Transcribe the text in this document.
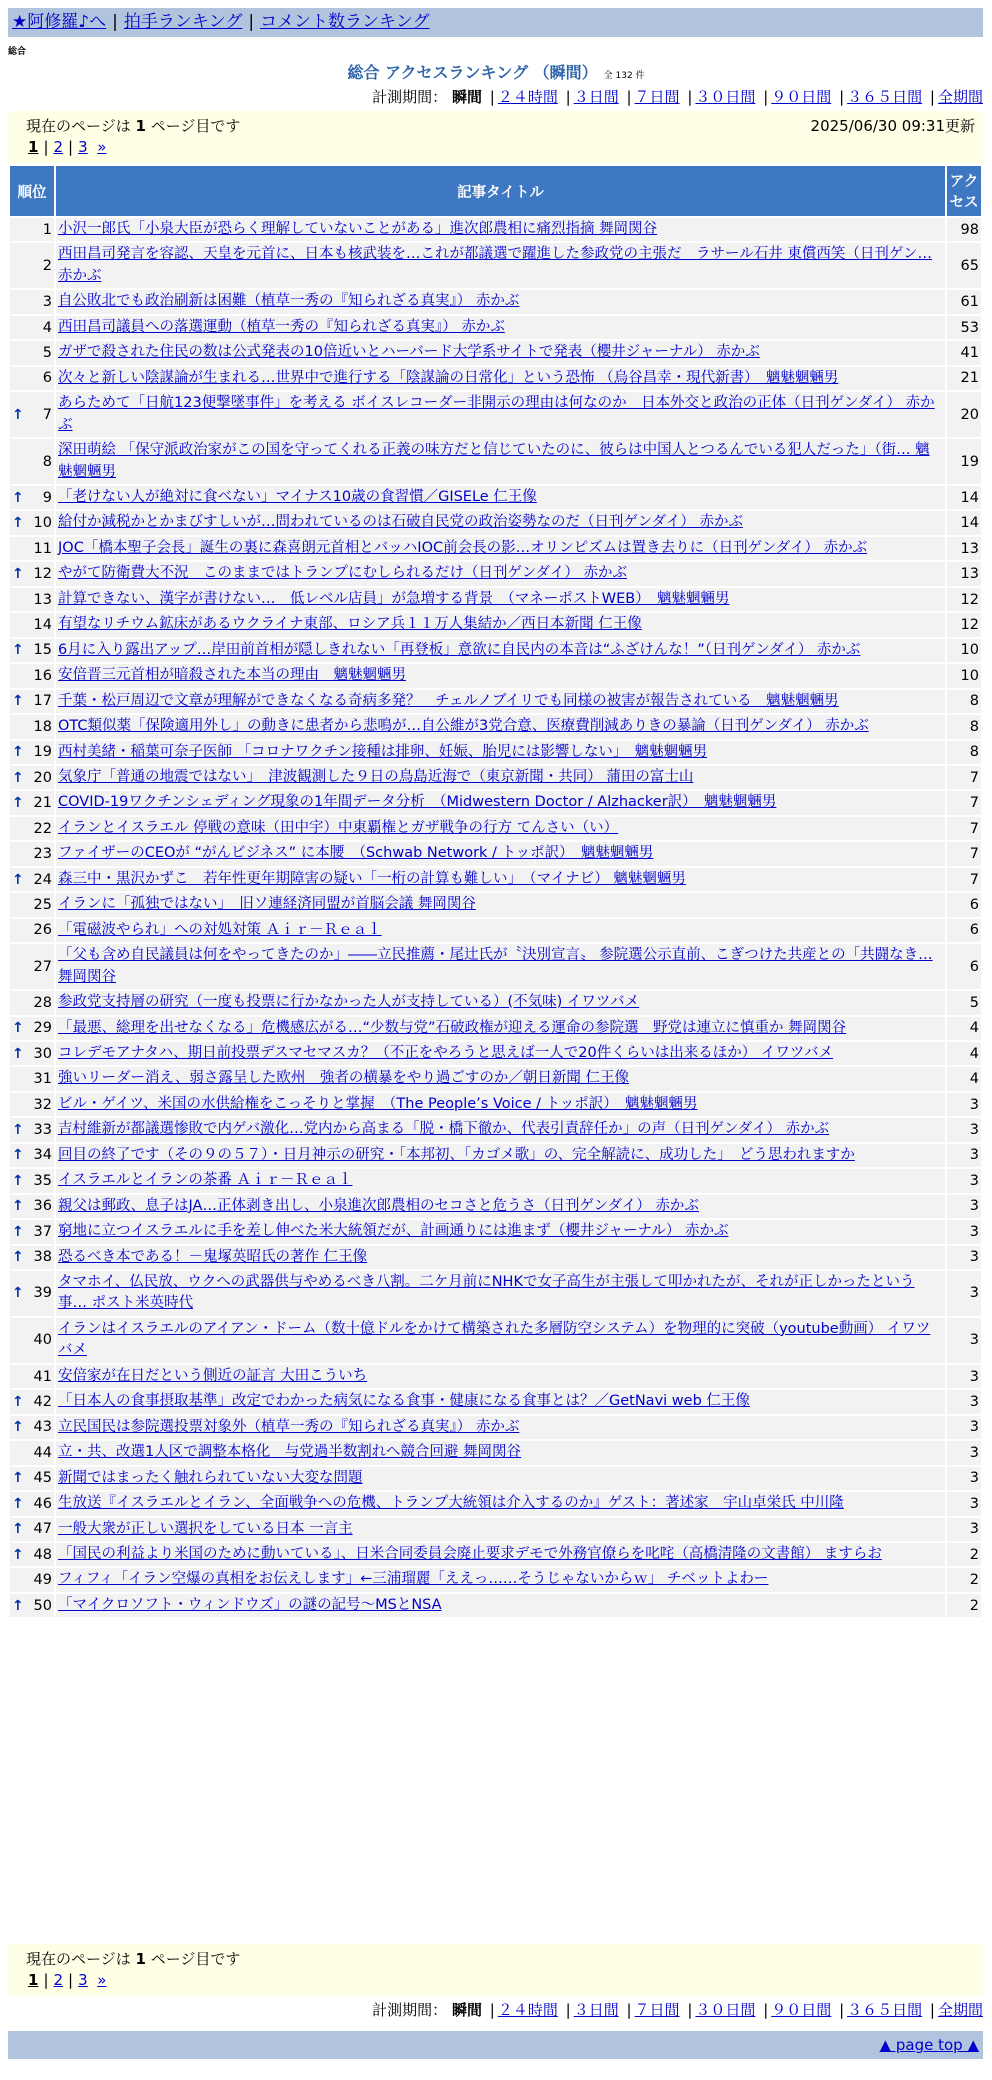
★阿修羅♪へ | 拍手ランキング | コメント数ランキング
総合
総合 アクセスランキング （瞬間） 全 132 件
計測期間： 瞬間 | ２４時間 | ３日間 | ７日間 | ３０日間 | ９０日間 | ３６５日間 | 全期間
現在のページは 1 ページ目です	2025/06/30 09:31更新
1 | 2 | 3 »
順位	記事タイトル	アクセス
1	小沢一郎氏「小泉大臣が恐らく理解していないことがある」進次郎農相に痛烈指摘 舞岡関谷	98
2	西田昌司発言を容認、天皇を元首に、日本も核武装を…これが都議選で躍進した参政党の主張だ　ラサール石井 東償西笑（日刊ゲン… 赤かぶ	65
3	自公敗北でも政治刷新は困難（植草一秀の『知られざる真実』） 赤かぶ	61
4	西田昌司議員への落選運動（植草一秀の『知られざる真実』） 赤かぶ	53
5	ガザで殺された住民の数は公式発表の10倍近いとハーバード大学系サイトで発表（櫻井ジャーナル） 赤かぶ	41
6	次々と新しい陰謀論が生まれる…世界中で進行する「陰謀論の日常化」という恐怖 （烏谷昌幸・現代新書）　魑魅魍魎男	21

↑ 7	あらためて「日航123便撃墜事件」を考える ボイスレコーダー非開示の理由は何なのか　日本外交と政治の正体（日刊ゲンダイ） 赤かぶ	20
8	深田萌絵 「保守派政治家がこの国を守ってくれる正義の味方だと信じていたのに、彼らは中国人とつるんでいる犯人だった」（街… 魑魅魍魎男	19

↑ 9	「老けない人が絶対に食べない」マイナス10歳の食習慣／GISELe 仁王像	14

↑ 10	給付か減税かとかまびすしいが…問われているのは石破自民党の政治姿勢なのだ（日刊ゲンダイ） 赤かぶ	14
11	JOC「橋本聖子会長」誕生の裏に森喜朗元首相とバッハIOC前会長の影…オリンピズムは置き去りに（日刊ゲンダイ） 赤かぶ	13

↑ 12	やがて防衛費大不況　このままではトランプにむしられるだけ（日刊ゲンダイ） 赤かぶ	13
13	計算できない、漢字が書けない…　低レベル店員」が急増する背景　（マネーポストWEB）　魑魅魍魎男	12
14	有望なリチウム鉱床があるウクライナ東部、ロシア兵１１万人集結か／西日本新聞 仁王像	12

↑ 15	6月に入り露出アップ…岸田前首相が隠しきれない「再登板」意欲に自民内の本音は“ふざけんな！”（日刊ゲンダイ） 赤かぶ	10
16	安倍晋三元首相が暗殺された本当の理由　魑魅魍魎男	10

↑ 17	千葉・松戸周辺で文章が理解ができなくなる奇病多発？　チェルノブイリでも同様の被害が報告されている　魑魅魍魎男	8
18	OTC類似薬「保険適用外し」の動きに患者から悲鳴が…自公維が3党合意、医療費削減ありきの暴論（日刊ゲンダイ） 赤かぶ	8

↑ 19	西村美緒・稲葉可奈子医師 「コロナワクチン接種は排卵、妊娠、胎児には影響しない」　魑魅魍魎男	8

↑ 20	気象庁「普通の地震ではない」　津波観測した９日の鳥島近海で（東京新聞・共同） 蒲田の富士山	7

↑ 21	COVID-19ワクチンシェディング現象の1年間データ分析　（Midwestern Doctor / Alzhacker訳）　魑魅魍魎男	7
22	イランとイスラエル 停戦の意味（田中宇）中東覇権とガザ戦争の行方 てんさい（い）	7
23	ファイザーのCEOが “がんビジネス” に本腰　（Schwab Network / トッポ訳）　魑魅魍魎男	7

↑ 24	森三中・黒沢かずこ　若年性更年期障害の疑い「一桁の計算も難しい」　（マイナビ） 魑魅魍魎男	7
25	イランに「孤独ではない」　旧ソ連経済同盟が首脳会議 舞岡関谷	6
26	「電磁波やられ」への対処対策 Ａｉｒ－Ｒｅａｌ	6
27	「父も含め自民議員は何をやってきたのか」――立民推薦・尾辻氏が〝決別宣言〟 参院選公示直前、こぎつけた共産との「共闘なき… 舞岡関谷	6
28	参政党支持層の研究（一度も投票に行かなかった人が支持している）(不気味) イワツバメ	5

↑ 29	「最悪、総理を出せなくなる」危機感広がる…“少数与党”石破政権が迎える運命の参院選　野党は連立に慎重か 舞岡関谷	4

↑ 30	コレデモアナタハ、期日前投票デスマセマスカ？（不正をやろうと思えば一人で20件くらいは出来るほか） イワツバメ	4
31	強いリーダー消え、弱さ露呈した欧州　強者の横暴をやり過ごすのか／朝日新聞 仁王像	4
32	ビル・ゲイツ、米国の水供給権をこっそりと掌握　（The People’s Voice / トッポ訳）　魑魅魍魎男	3

↑ 33	吉村維新が都議選惨敗で内ゲバ激化…党内から高まる「脱・橋下徹か、代表引責辞任か」の声（日刊ゲンダイ） 赤かぶ	3

↑ 34	回目の終了です（その９の５７）・日月神示の研究・「本邦初、「カゴメ歌」の、完全解読に、成功した」　どう思われますか	3

↑ 35	イスラエルとイランの茶番 Ａｉｒ－Ｒｅａｌ	3

↑ 36	親父は郵政、息子はJA…正体剥き出し、小泉進次郎農相のセコさと危うさ（日刊ゲンダイ） 赤かぶ	3

↑ 37	窮地に立つイスラエルに手を差し伸べた米大統領だが、計画通りには進まず（櫻井ジャーナル） 赤かぶ	3

↑ 38	恐るべき本である！－鬼塚英昭氏の著作 仁王像	3

↑ 39	タマホイ、仏民放、ウクへの武器供与やめるべき八割。二ケ月前にNHKで女子高生が主張して叩かれたが、それが正しかったという事… ポスト米英時代	3
40	イランはイスラエルのアイアン・ドーム（数十億ドルをかけて構築された多層防空システム）を物理的に突破（youtube動画） イワツバメ	3
41	安倍家が在日だという側近の証言 大田こういち	3

↑ 42	「日本人の食事摂取基準」改定でわかった病気になる食事・健康になる食事とは？／GetNavi web 仁王像	3

↑ 43	立民国民は参院選投票対象外（植草一秀の『知られざる真実』） 赤かぶ	3
44	立・共、改選1人区で調整本格化　与党過半数割れへ競合回避 舞岡関谷	3

↑ 45	新聞ではまったく触れられていない大変な問題	3

↑ 46	生放送『イスラエルとイラン、全面戦争への危機、トランプ大統領は介入するのか』ゲスト：著述家　宇山卓栄氏 中川隆	3

↑ 47	一般大衆が正しい選択をしている日本 一言主	3

↑ 48	「国民の利益より米国のために動いている」、日米合同委員会廃止要求デモで外務官僚らを叱咤（高橋清隆の文書館） ますらお	2
49	フィフィ「イラン空爆の真相をお伝えします」←三浦瑠麗「ええっ……そうじゃないからｗ」 チベットよわー	2

↑ 50	「マイクロソフト・ウィンドウズ」の謎の記号〜MSとNSA	2
現在のページは 1 ページ目です
1 | 2 | 3 »
計測期間： 瞬間 | ２４時間 | ３日間 | ７日間 | ３０日間 | ９０日間 | ３６５日間 | 全期間
▲ page top ▲
